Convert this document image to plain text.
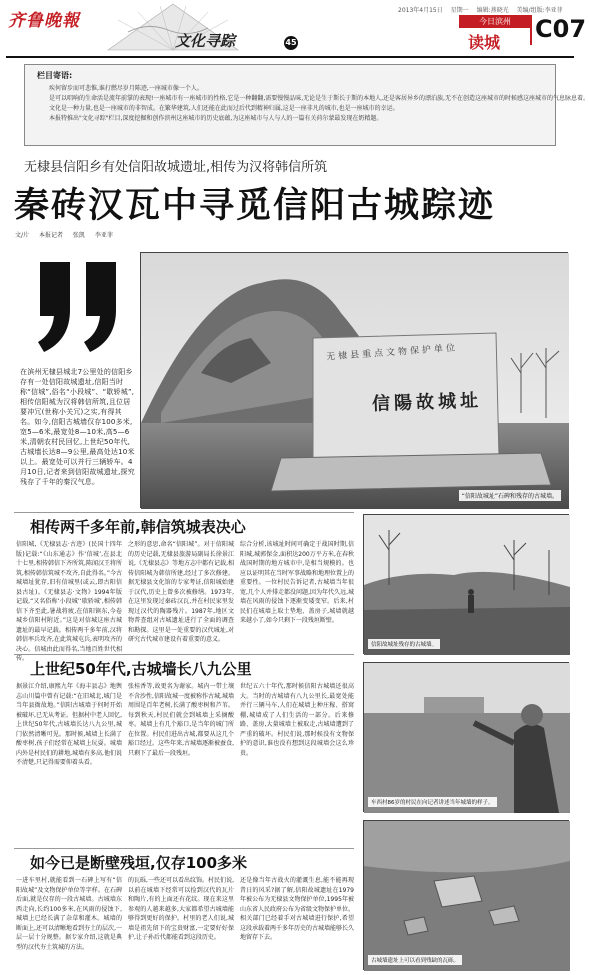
齐鲁晚報
文化寻踪	45
2013年4月15日 星期一 编辑:燕晓光 美编/组版:李亚菲
今日滨州
读城 C07
栏目寄语:

疾何留步而可悲惟,谁打燃尽岁月陈迹,一座城市像一个人。

是可以唱响的生命活是流年前掌的表现!一座城市有一座城市的性格,它是一种翻翻,需要慢慢品味,无论是生于斯长于斯的本地人,还是客居异乡的漂泊族,无不在创造这座城市的时候感这座城市的气息脉息着。

文化是一种力量,也是一座城市的非智成。在繁华建筑,人们还能在此而过后代到精神归属,这是一座非凡的城市,也是一座城市的幸运。

本报特推出"文化寻踪"栏目,深度挖掘和创作滨州这座城市的历史底蕴,为这座城市与人与人的一篇有关荷尔蒙最发现在奶精题。

无棣县信阳乡有处信阳故城遗址,相传为汉将韩信所筑
秦砖汉瓦中寻觅信阳古城踪迹
文/片 本报记者 张凯 李亚菲
在滨州无棣县城北7公里处的信阳乡存有一处信阳故城遗址,信阳当时称“信城”,俗名“小段城”、“歇轿城”,相传信阳城为汉将韩信所筑,且位居要冲冗(世称小关冗)之实,有得其名。如今,信阳古城墙仅存100多米,宽5—6米,最宽处8—10米,高5—6米,清朝农村民回忆,上世纪50年代,古城墙长达8—9公里,最高处达10米以上。最宽处可以并行三辆轿车。4月10日,记者来到信阳故城遗址,探究残存了千年的秦汉气息。
“信阳故城址”石碑和残存的古城墙。
无棣县重点文物保护单位
信陽故城址
相传两千多年前,韩信筑城表决心
信阳城,《无棣县志·古迹》(民国十四年版)记载:“《山东通志》作‘信城’,在县北十七里,相传韩信下齐所筑,陈闻汉王将所筑,相传韩信筑城不攻齐,自此得名。”今古城墙址犹存,旧有信城里(或云,即古阳信县古址)。《无棣县志·文物》1994年版记载,“又名俗称‘小段城’‘歇轿城’,相传韩信下齐至此,暑战将疲,在信阳镇东,今卷城乡信阳村附近。”这是对信城这座古城遗址的最早记载。相传两千多年前,汉将韩信率兵攻齐,在此筑城屯兵,表明攻齐的决心。信城由此而得名,当地百姓世代相传。
之形的意思,命名“信阳城”。对于信阳城的历史记载,无棣县旅游局副局长徐景江说,《无棣县志》等地方志中都有记载,相传信阳城为韩信所建,经过了多次修建。据无棣县文化馆的专家考证,信阳城始建于汉代,历史上曾多次被修缮。1973年,在这里发现过秦砖汉瓦,并在村民家里发现过汉代的陶器残片。1987年,地区文物普查组对古城遗址进行了全面的调查和勘探。这里是一处重要的汉代城址,对研究古代城市建设有着重要的意义。
综合分析,该城址时间可确定于战国时期,信阳城,城郭保金,面积达200万平方米,在春秋战国时期的地方城市中,是相当规模的。也应以证明其在当时军事战略和地理位置上的重要性。一位村民告诉记者,古城墙当年很宽,几个人并排走都没问题,因为年代久远,城墙在风雨的侵蚀下逐渐变矮变窄。后来,村民们在城墙上取土垫地、盖房子,城墙就越来越小了,如今只剩下一段残垣断壁。
上世纪50年代,古城墙长八九公里
据景江介绍,康熙九年《海丰县志》地舆志山川篇中曾有记载:“在旧城北,城门是当年县衙故地。”信阳古城墙于何时开始被破坏,已无从考证。但据村中老人回忆,上世纪50年代,古城墙长达八九公里,城门依然清晰可见。那时候,城墙上长满了酸枣树,孩子们经常在城墙上玩耍。城墙内外是村民们的耕地,城墙有多高,他们说不清楚,只记得需要仰着头看。
张桂香等,故更名为谢家。城内一带土壤不含沙性,信阳故城一度被称作古城,城墙周围是百年老树,长满了酸枣树和芦苇。每到秋天,村民们就会到城墙上采摘酸枣。城墙上有几个豁口,是当年的城门所在位置。村民们进出古城,都要从这几个豁口经过。这些年来,古城墙逐渐被蚕食,只剩下了最后一段残垣。
世纪五六十年代,那时候信阳古城墙还很高大。当时的古城墙有八九公里长,最宽处能并行三辆马车,人们在城墙上种庄稼、搭窝棚,城墙成了人们生活的一部分。后来修路、盖房,大量城墙土被取走,古城墙遭到了严重的破坏。村民们说,那时候没有文物保护的意识,谁也没有想到这段城墙会这么珍贵。
如今已是断壁残垣,仅存100多米
一进车里村,就能看到一石碑上写有“信阳故城”及文物保护单位等字样。在石碑后面,就是仅存的一段古城墙。古城墙东西走向,长约100多米,在风雨的侵蚀下,城墙上已经长满了杂草和灌木。城墙的断面上,还可以清晰地看到夯土的层次,一层一层十分规整。据专家介绍,这就是典型的汉代夯土筑城的方法。
的瓦砾,一些还可以看出纹饰。村民们说,以前在城墙下经常可以捡到汉代的瓦片和陶片,有的上面还有花纹。现在来这里参观的人越来越多,大家都希望古城墙能够得到更好的保护。村里的老人们说,城墙是祖先留下的宝贵财富,一定要好好保护,让子孙后代都能看到这段历史。
还是像当年古战火的灌溉生息,能不能再现昔日的风采?据了解,信阳故城遗址在1979年被公布为无棣县文物保护单位,1995年被山东省人民政府公布为省级文物保护单位。相关部门已经着手对古城墙进行保护,希望这段承载着两千多年历史的古城墙能够长久地留存下去。
信阳故城址残存的古城墙。
车西村86岁的村民在向记者讲述当年城墙的样子。
古城墙遗址上可以看到残缺的瓦砾。
